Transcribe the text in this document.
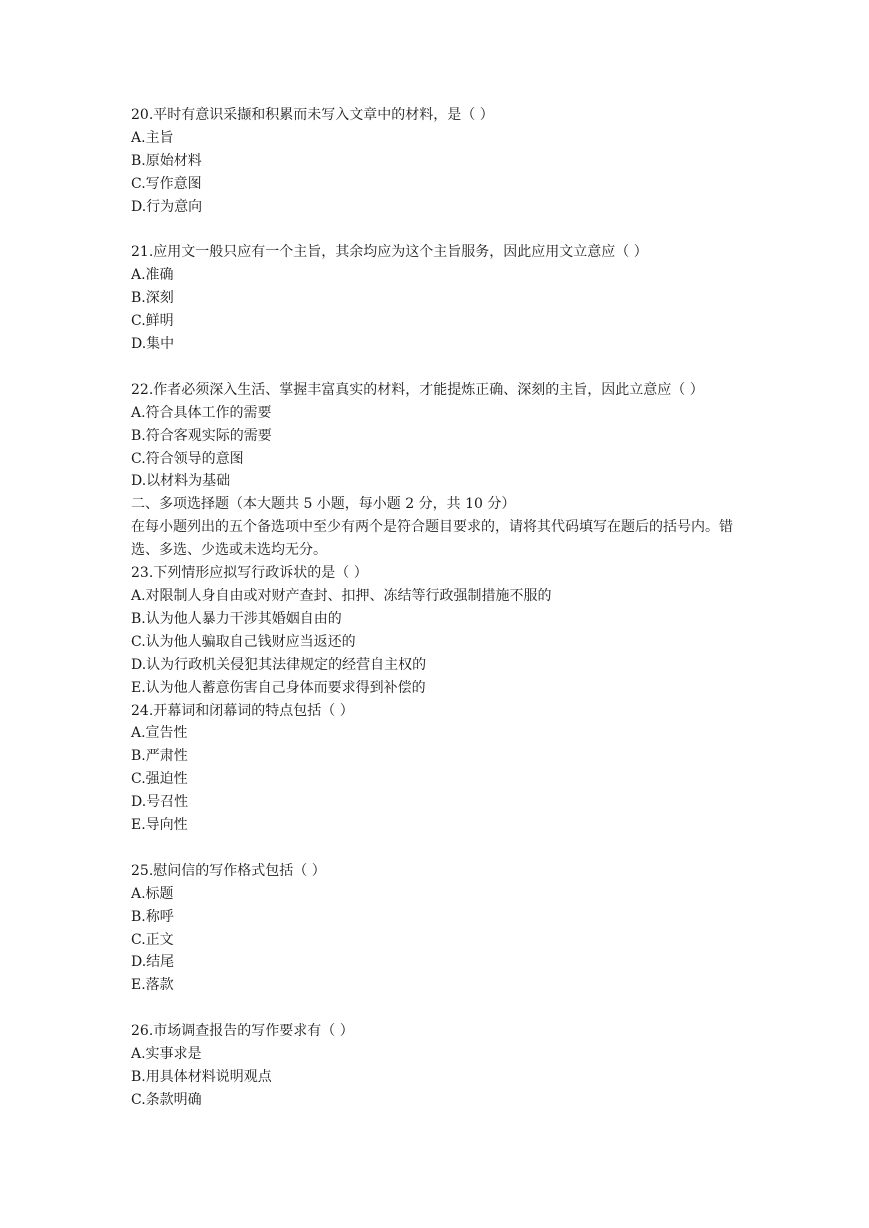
20.平时有意识采撷和积累而未写入文章中的材料，是（ ）
A.主旨
B.原始材料
C.写作意图
D.行为意向
21.应用文一般只应有一个主旨，其余均应为这个主旨服务，因此应用文立意应（ ）
A.准确
B.深刻
C.鲜明
D.集中
22.作者必须深入生活、掌握丰富真实的材料，才能提炼正确、深刻的主旨，因此立意应（ ）
A.符合具体工作的需要
B.符合客观实际的需要
C.符合领导的意图
D.以材料为基础
二、多项选择题（本大题共 5 小题，每小题 2 分，共 10 分）
在每小题列出的五个备选项中至少有两个是符合题目要求的，请将其代码填写在题后的括号内。错选、多选、少选或未选均无分。
23.下列情形应拟写行政诉状的是（ ）
A.对限制人身自由或对财产查封、扣押、冻结等行政强制措施不服的
B.认为他人暴力干涉其婚姻自由的
C.认为他人骗取自己钱财应当返还的
D.认为行政机关侵犯其法律规定的经营自主权的
E.认为他人蓄意伤害自己身体而要求得到补偿的
24.开幕词和闭幕词的特点包括（ ）
A.宣告性
B.严肃性
C.强迫性
D.号召性
E.导向性
25.慰问信的写作格式包括（ ）
A.标题
B.称呼
C.正文
D.结尾
E.落款
26.市场调查报告的写作要求有（ ）
A.实事求是
B.用具体材料说明观点
C.条款明确
